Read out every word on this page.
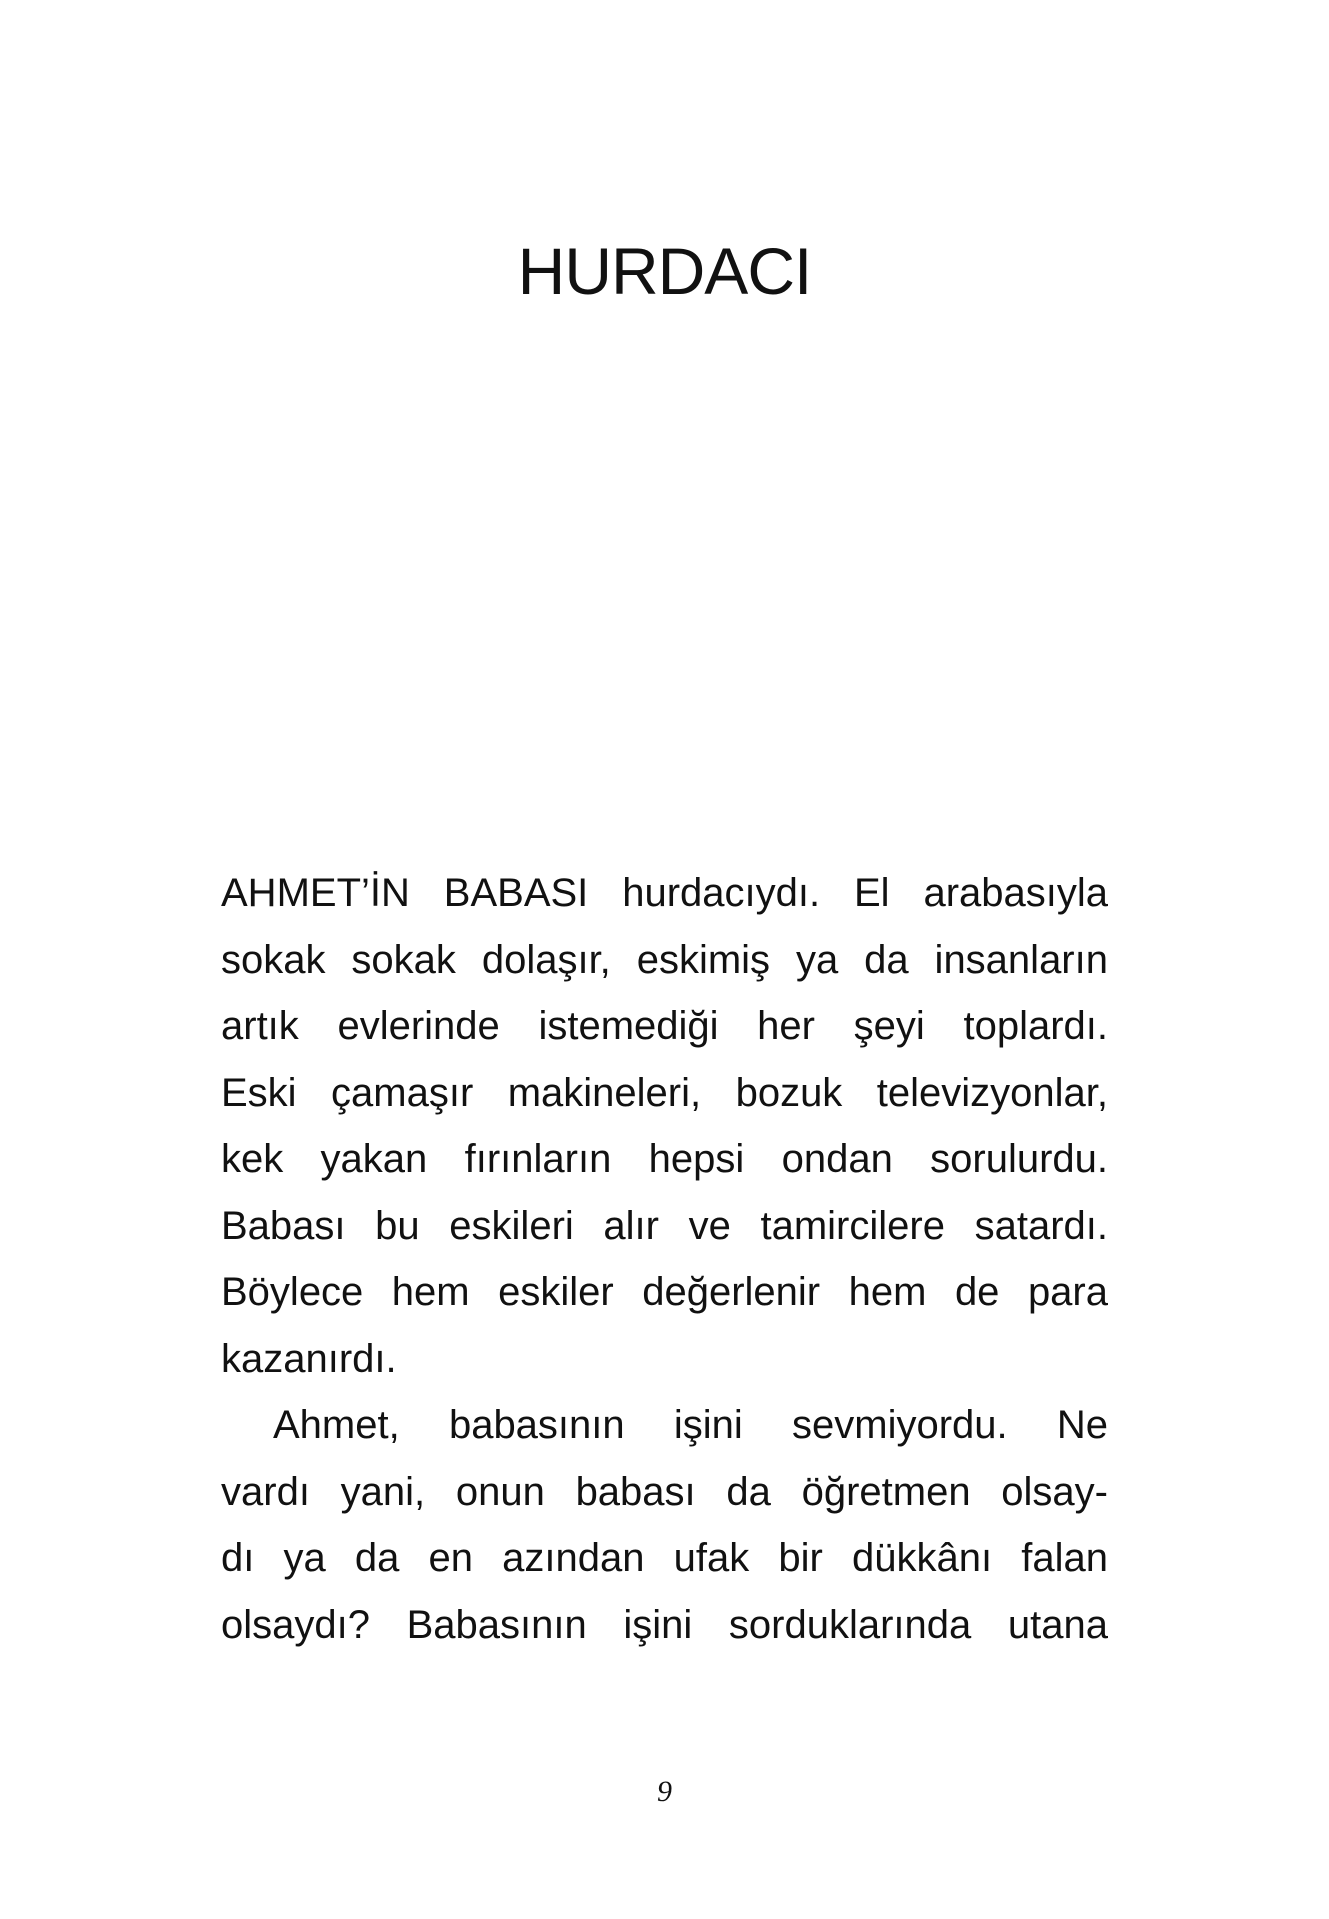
HURDACI
AHMET’İN BABASI hurdacıydı. El arabasıyla
sokak sokak dolaşır, eskimiş ya da insanların
artık evlerinde istemediği her şeyi toplardı.
Eski çamaşır makineleri, bozuk televizyonlar,
kek yakan fırınların hepsi ondan sorulurdu.
Babası bu eskileri alır ve tamircilere satardı.
Böylece hem eskiler değerlenir hem de para
kazanırdı.
Ahmet, babasının işini sevmiyordu. Ne
vardı yani, onun babası da öğretmen olsay-
dı ya da en azından ufak bir dükkânı falan
olsaydı? Babasının işini sorduklarında utana
9
